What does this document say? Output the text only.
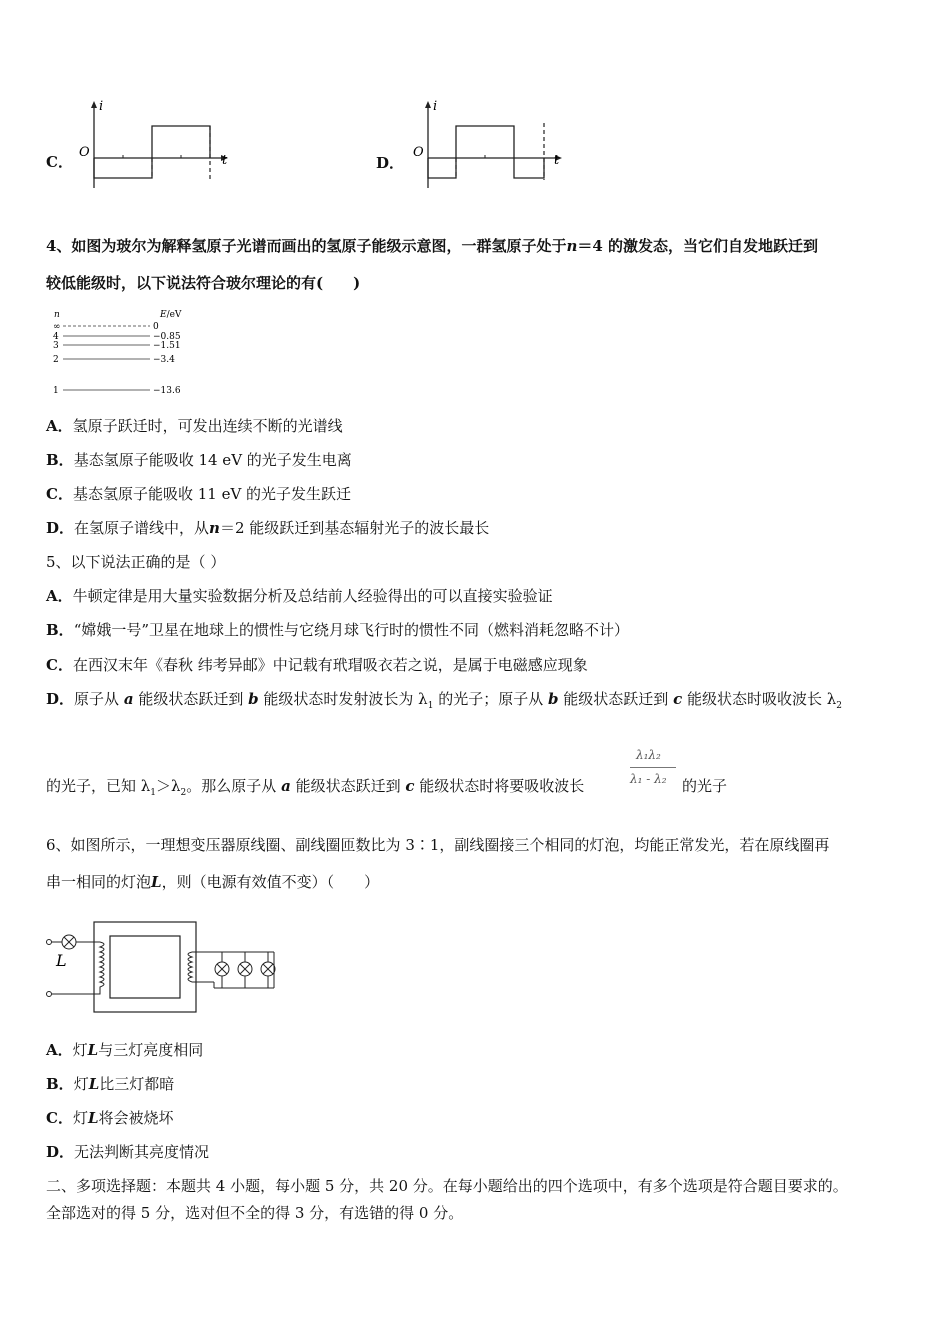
C．
i
t
O
D．
i
t
O
4、如图为玻尔为解释氢原子光谱而画出的氢原子能级示意图，一群氢原子处于n＝4 的激发态，当它们自发地跃迁到
较低能级时，以下说法符合玻尔理论的有(　　)
n	E/eV
∞	0
4	−0.85
3	−1.51
2	−3.4
1	−13.6
A．氢原子跃迁时，可发出连续不断的光谱线
B．基态氢原子能吸收 14 eV 的光子发生电离
C．基态氢原子能吸收 11 eV 的光子发生跃迁
D．在氢原子谱线中，从n＝2 能级跃迁到基态辐射光子的波长最长
5、以下说法正确的是（ ）
A．牛顿定律是用大量实验数据分析及总结前人经验得出的可以直接实验验证
B．“嫦娥一号”卫星在地球上的惯性与它绕月球飞行时的惯性不同（燃料消耗忽略不计）
C．在西汉末年《春秋 纬考异邮》中记载有玳瑁吸衣若之说，是属于电磁感应现象
D．原子从 a 能级状态跃迁到 b 能级状态时发射波长为 $\lambda_1$ 的光子；原子从 b 能级状态跃迁到 c 能级状态时吸收波长 $\lambda_2$
λ₁λ₂
λ₁ - λ₂
的光子，已知 $\lambda_1>\lambda_2$。那么原子从 a 能级状态跃迁到 c 能级状态时将要吸收波长	的光子
6、如图所示，一理想变压器原线圈、副线圈匝数比为 3∶1，副线圈接三个相同的灯泡，均能正常发光，若在原线圈再
串一相同的灯泡L，则（电源有效值不变）（　　）
L
A．灯L与三灯亮度相同
B．灯L比三灯都暗
C．灯L将会被烧坏
D．无法判断其亮度情况
二、多项选择题：本题共 4 小题，每小题 5 分，共 20 分。在每小题给出的四个选项中，有多个选项是符合题目要求的。
全部选对的得 5 分，选对但不全的得 3 分，有选错的得 0 分。
